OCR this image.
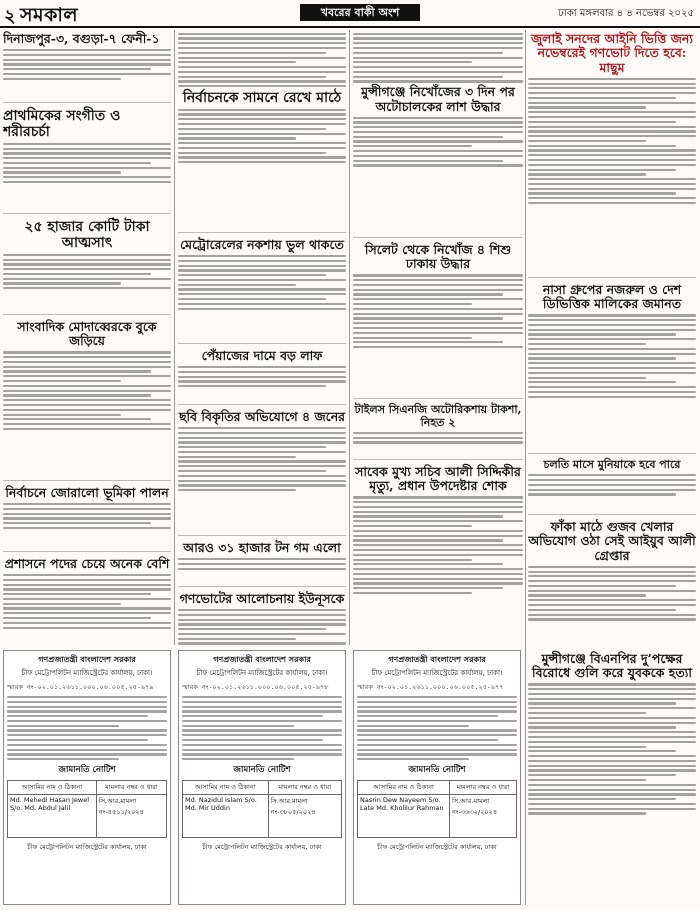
২ সমকাল	খবরের বাকী অংশ	ঢাকা মঙ্গলবার ৪ ৪ নভেম্বর ২০২৫
দিনাজপুর-৩, বগুড়া-৭ ফেনী-১
প্রাথমিকের সংগীত ও শরীরচর্চা
২৫ হাজার কোটি টাকা আত্মসাৎ
সাংবাদিক মোদাব্বেরকে বুকে জড়িয়ে
নির্বাচনে জোরালো ভূমিকা পালন
প্রশাসনে পদের চেয়ে অনেক বেশি
নির্বাচনকে সামনে রেখে মাঠে
মেট্রোরেলের নকশায় ভুল থাকতে
পেঁয়াজের দামে বড় লাফ
ছবি বিকৃতির অভিযোগে ৪ জনের
আরও ৩১ হাজার টন গম এলো
গণভোটের আলোচনায় ইউনূসকে
মুন্সীগঞ্জে নিখোঁজের ৩ দিন পর অটোচালকের লাশ উদ্ধার
সিলেট থেকে নিখোঁজ ৪ শিশু ঢাকায় উদ্ধার
টাইলস সিএনজি অটোরিকশায় টাকশা, নিহত ২
সাবেক মুখ্য সচিব আলী সিদ্দিকীর মৃত্যু, প্রধান উপদেষ্টার শোক
জুলাই সনদের আইনি ভিত্তি জন্য নভেম্বরেই গণভোট দিতে হবে: মাছুম
নাসা গ্রুপের নজরুল ও দেশ ডিভিত্তিক মালিকের জমানত
চলতি মাসে মুনিয়াকে হবে পারে
ফাঁকা মাঠে গুজব খেলার অভিযোগ ওঠা সেই আইয়ুব আলী গ্রেপ্তার
গণপ্রজাতন্ত্রী বাংলাদেশ সরকার
চীফ মেট্রোপলিটন ম্যাজিস্ট্রেটের কার্যালয়, ঢাকা।
স্মারক নং-০২.০১.২৬১১.০০০.০৬.০০৫.২৫-৯৭৯
জামানতি নোটিশ
আসামির নাম ও ঠিকানা	মামলার নম্বর ও ধারা
Md. Mehedi Hasan Jewel S/o. Md. Abdul Jalil	সি.আর.মামলা নং-৪৫১১/২০২৪
চীফ মেট্রোপলিটন ম্যাজিস্ট্রেটের কার্যালয়, ঢাকা
গণপ্রজাতন্ত্রী বাংলাদেশ সরকার
চীফ মেট্রোপলিটন ম্যাজিস্ট্রেটের কার্যালয়, ঢাকা।
স্মারক নং-০২.০১.২৬১১.০০০.০৬.০০৫.২৫-৯৭৮
জামানতি নোটিশ
আসামির নাম ও ঠিকানা	মামলার নম্বর ও ধারা
Md. Nazidul Islam S/o. Md. Mir Uddin	সি.আর.মামলা নং-৩৮০৫/২০২৪
চীফ মেট্রোপলিটন ম্যাজিস্ট্রেটের কার্যালয়, ঢাকা
গণপ্রজাতন্ত্রী বাংলাদেশ সরকার
চীফ মেট্রোপলিটন ম্যাজিস্ট্রেটের কার্যালয়, ঢাকা।
স্মারক নং-০২.০১.২৬১১.০০০.০৬.০০৫.২৫-৯৭৭
জামানতি নোটিশ
আসামির নাম ও ঠিকানা	মামলার নম্বর ও ধারা
Nasrin Dew Nayeem S/o. Late Md. Kholilur Rahman	সি.আর.মামলা নং-৩৬৩২/২০২৪
চীফ মেট্রোপলিটন ম্যাজিস্ট্রেটের কার্যালয়, ঢাকা
মুন্সীগঞ্জে বিএনপির দু’পক্ষের বিরোধে গুলি করে যুবককে হত্যা
